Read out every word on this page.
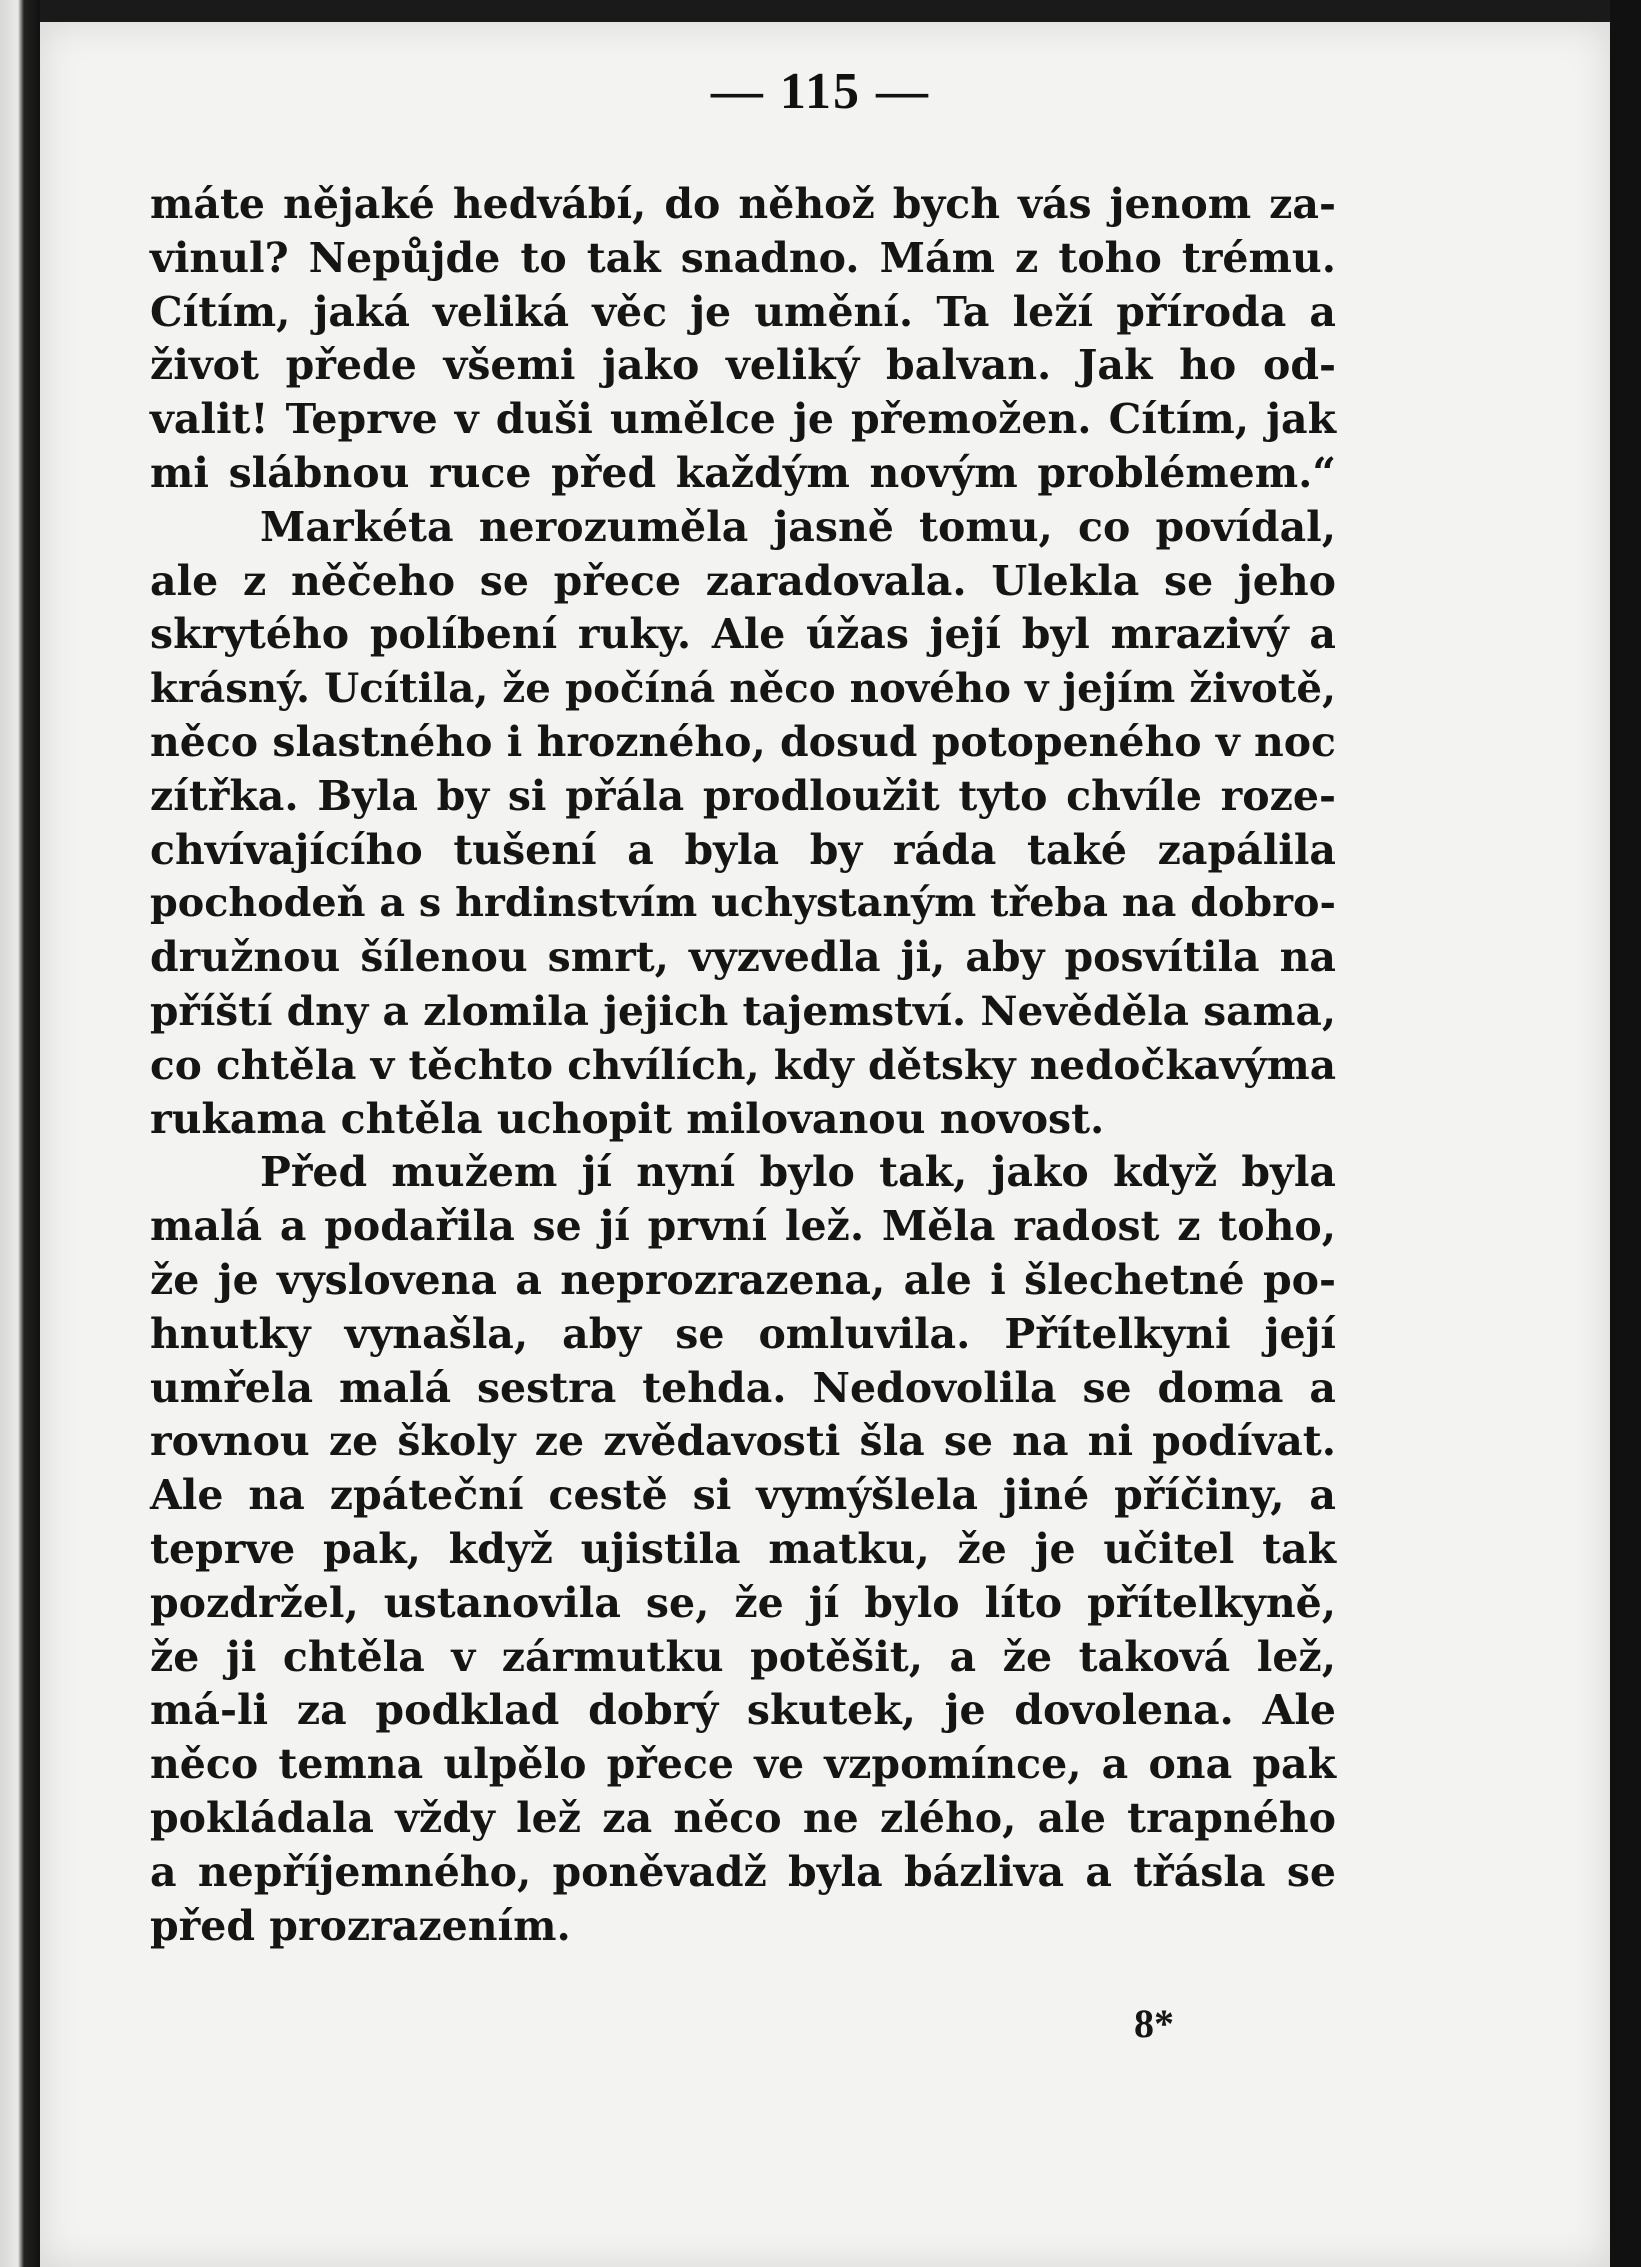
— 115 —
máte nějaké hedvábí, do něhož bych vás jenom za-
vinul? Nepůjde to tak snadno. Mám z toho trému.
Cítím, jaká veliká věc je umění. Ta leží příroda a
život přede všemi jako veliký balvan. Jak ho od-
valit! Teprve v duši umělce je přemožen. Cítím, jak
mi slábnou ruce před každým novým problémem.“
Markéta nerozuměla jasně tomu, co povídal,
ale z něčeho se přece zaradovala. Ulekla se jeho
skrytého políbení ruky. Ale úžas její byl mrazivý a
krásný. Ucítila, že počíná něco nového v jejím životě,
něco slastného i hrozného, dosud potopeného v noc
zítřka. Byla by si přála prodloužit tyto chvíle roze-
chvívajícího tušení a byla by ráda také zapálila
pochodeň a s hrdinstvím uchystaným třeba na dobro-
družnou šílenou smrt, vyzvedla ji, aby posvítila na
příští dny a zlomila jejich tajemství. Nevěděla sama,
co chtěla v těchto chvílích, kdy dětsky nedočkavýma
rukama chtěla uchopit milovanou novost.
Před mužem jí nyní bylo tak, jako když byla
malá a podařila se jí první lež. Měla radost z toho,
že je vyslovena a neprozrazena, ale i šlechetné po-
hnutky vynašla, aby se omluvila. Přítelkyni její
umřela malá sestra tehda. Nedovolila se doma a
rovnou ze školy ze zvědavosti šla se na ni podívat.
Ale na zpáteční cestě si vymýšlela jiné příčiny, a
teprve pak, když ujistila matku, že je učitel tak
pozdržel, ustanovila se, že jí bylo líto přítelkyně,
že ji chtěla v zármutku potěšit, a že taková lež,
má-li za podklad dobrý skutek, je dovolena. Ale
něco temna ulpělo přece ve vzpomínce, a ona pak
pokládala vždy lež za něco ne zlého, ale trapného
a nepříjemného, poněvadž byla bázliva a třásla se
před prozrazením.
8*
